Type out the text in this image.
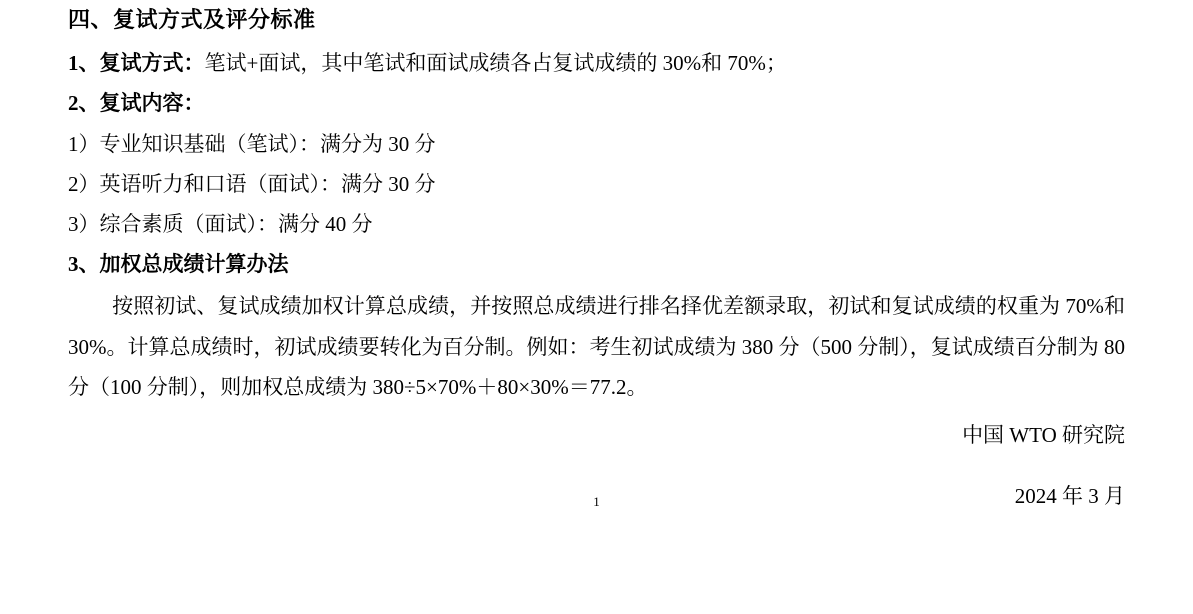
四、复试方式及评分标准

1、复试方式：笔试+面试，其中笔试和面试成绩各占复试成绩的 30%和 70%；

2、复试内容：

1）专业知识基础（笔试）：满分为 30 分

2）英语听力和口语（面试）：满分 30 分

3）综合素质（面试）：满分 40 分

3、加权总成绩计算办法

按照初试、复试成绩加权计算总成绩，并按照总成绩进行排名择优差额录取，初试和复试成绩的权重为 70%和 30%。计算总成绩时，初试成绩要转化为百分制。例如：考生初试成绩为 380 分（500 分制），复试成绩百分制为 80 分（100 分制），则加权总成绩为 380÷5×70%＋80×30%＝77.2。

中国 WTO 研究院

2024 年 3 月

1
